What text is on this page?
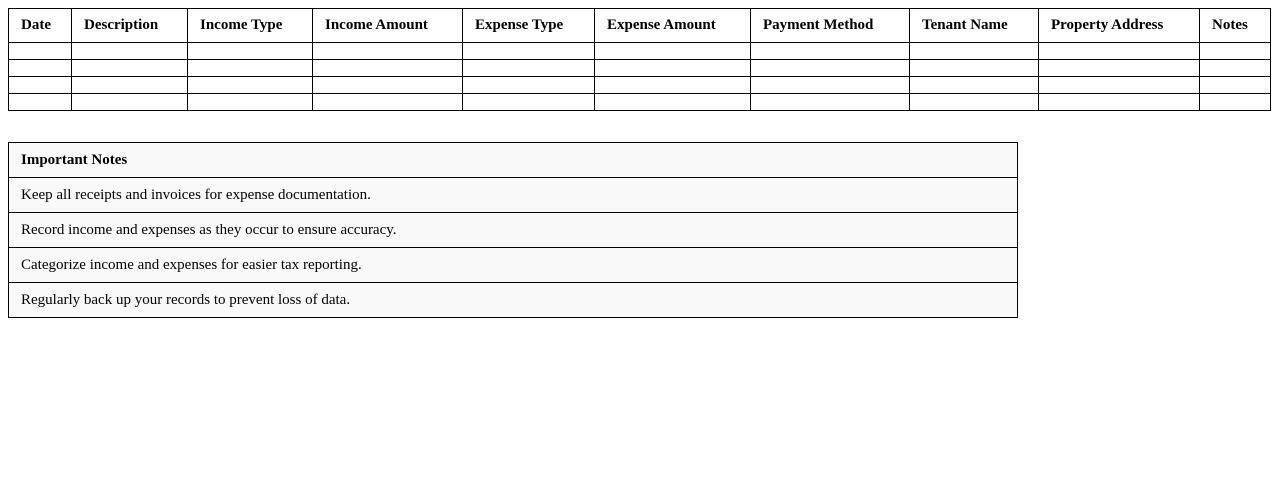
Date	Description	Income Type	Income Amount	Expense Type	Expense Amount	Payment Method	Tenant Name	Property Address	Notes

Important Notes
Keep all receipts and invoices for expense documentation.
Record income and expenses as they occur to ensure accuracy.
Categorize income and expenses for easier tax reporting.
Regularly back up your records to prevent loss of data.
